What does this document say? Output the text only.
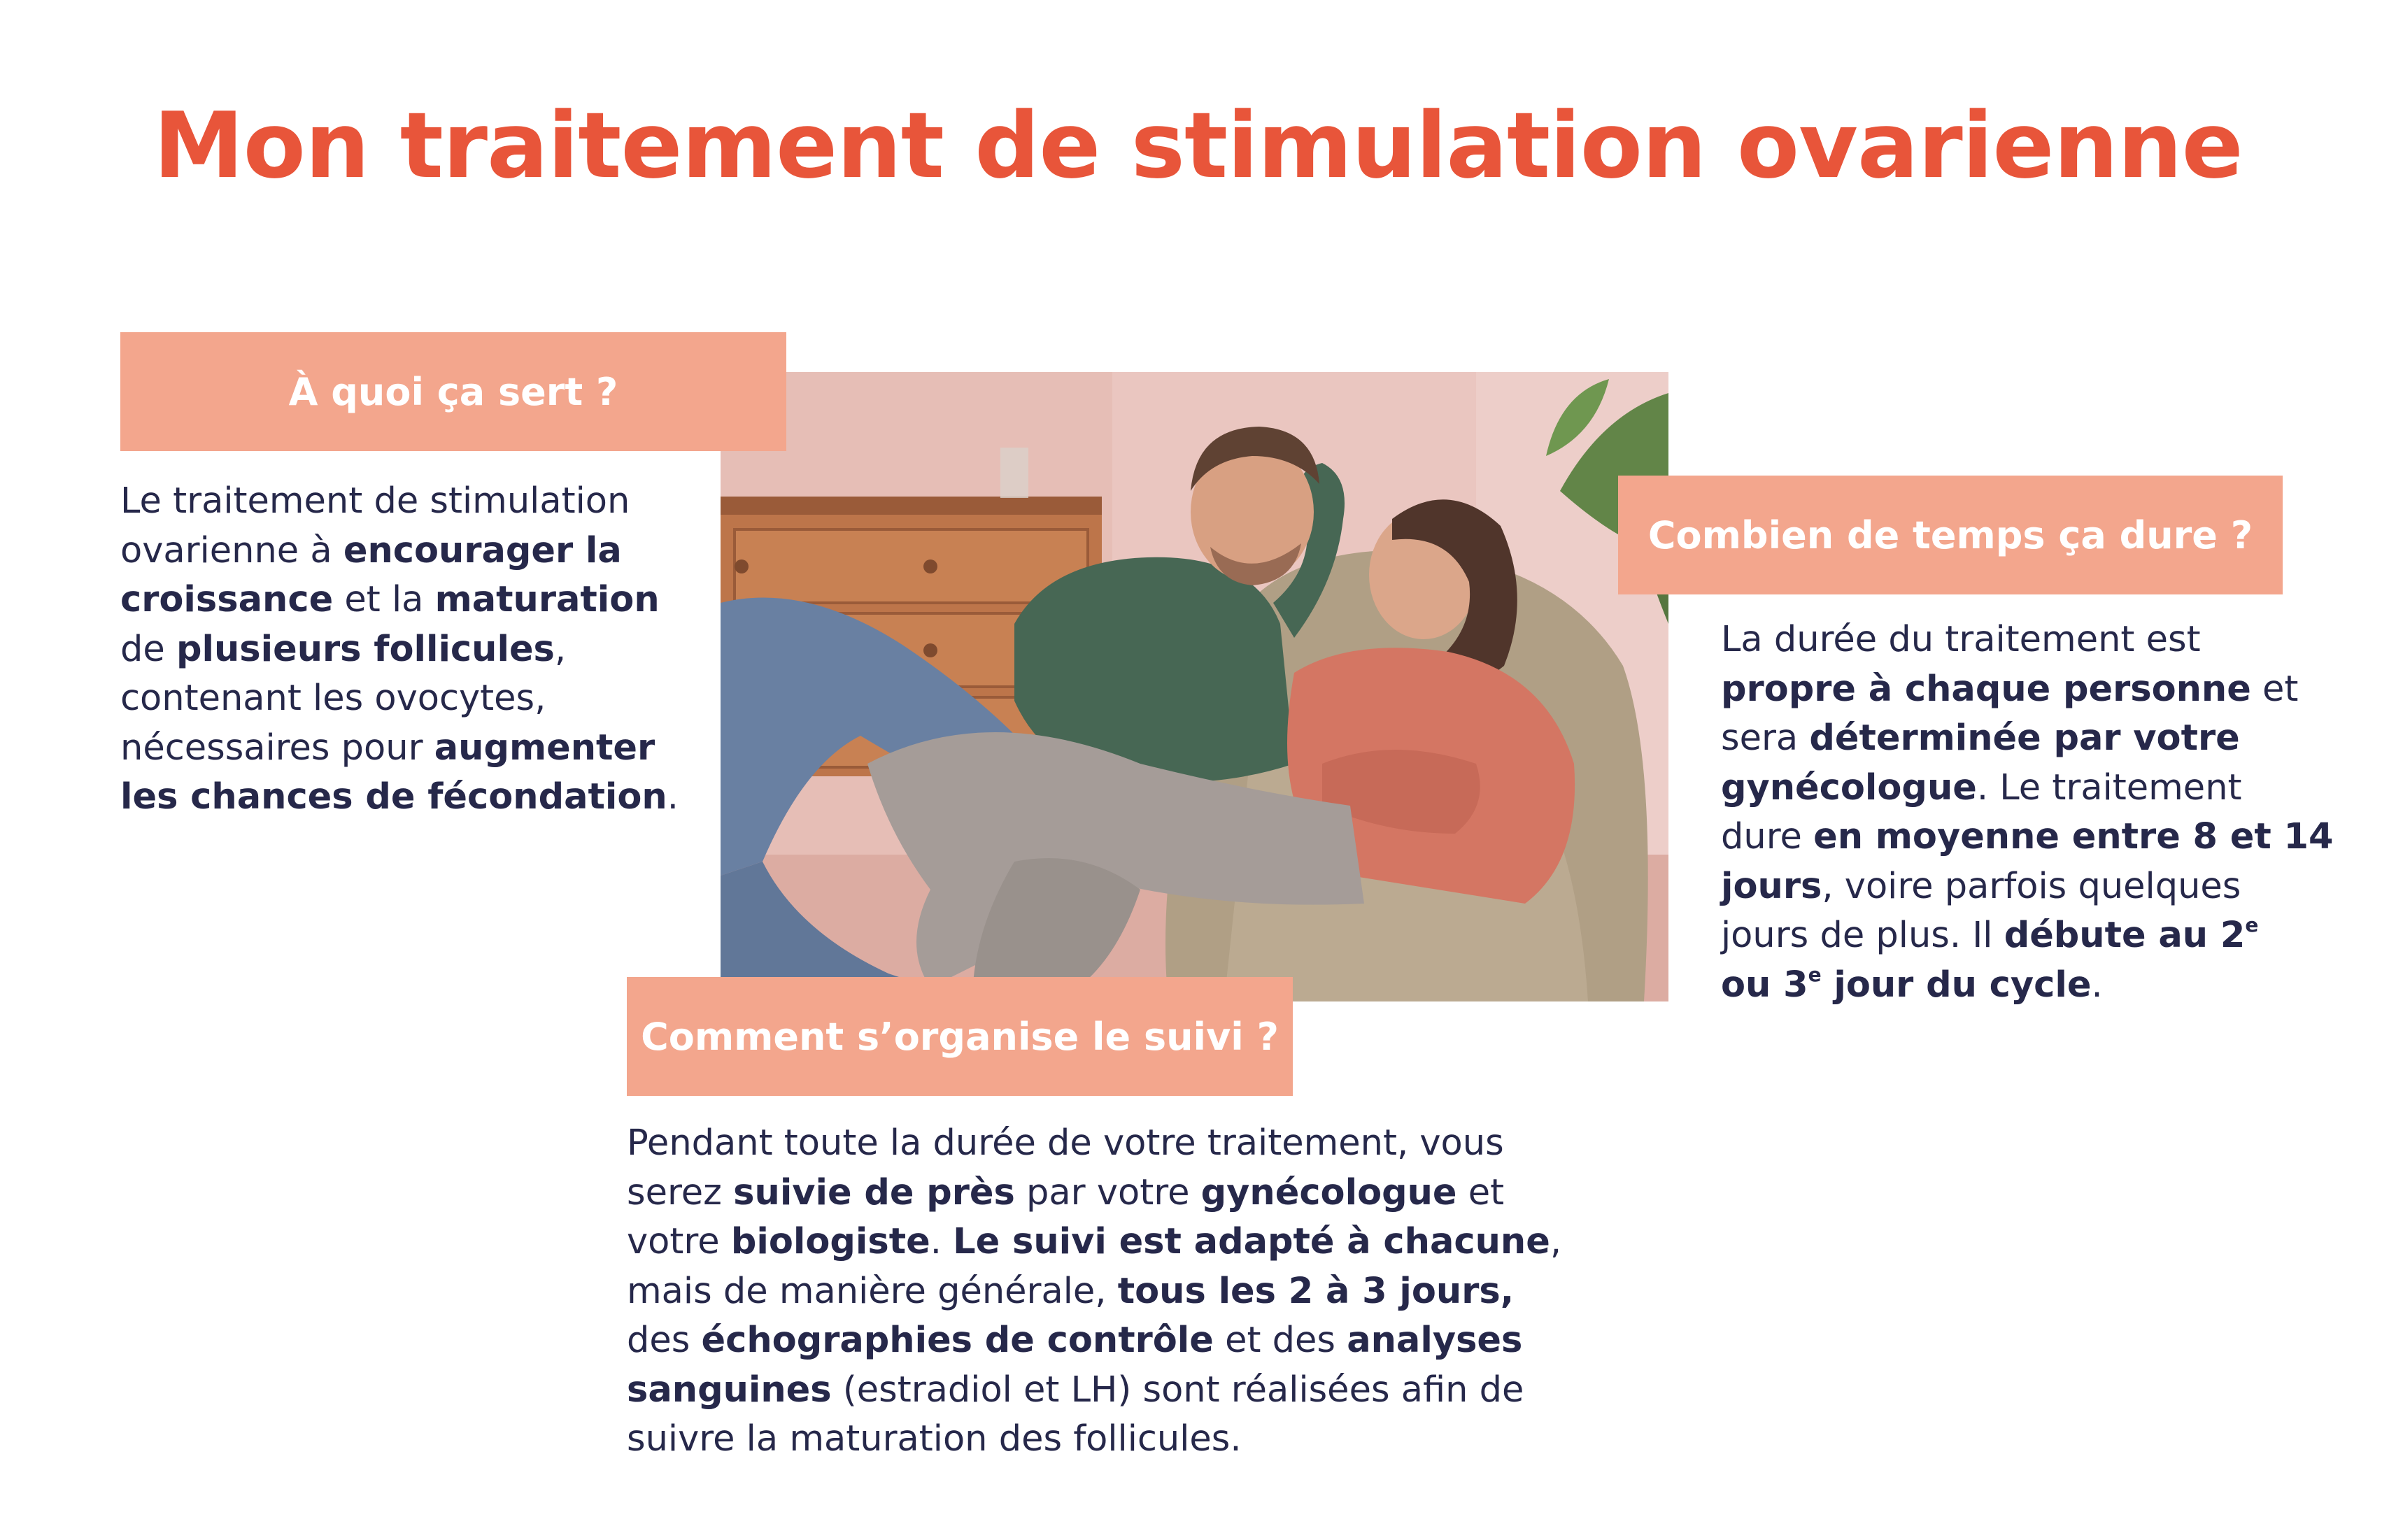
Mon traitement de stimulation ovarienne
À quoi ça sert ?
Le traitement de stimulation
ovarienne à encourager la
croissance et la maturation
de plusieurs follicules,
contenant les ovocytes,
nécessaires pour augmenter
les chances de fécondation.
Combien de temps ça dure ?
La durée du traitement est
propre à chaque personne et
sera déterminée par votre
gynécologue. Le traitement
dure en moyenne entre 8 et 14
jours, voire parfois quelques
jours de plus. Il débute au 2e
ou 3e jour du cycle.
Comment s’organise le suivi ?
Pendant toute la durée de votre traitement, vous
serez suivie de près par votre gynécologue et
votre biologiste. Le suivi est adapté à chacune,
mais de manière générale, tous les 2 à 3 jours,
des échographies de contrôle et des analyses
sanguines (estradiol et LH) sont réalisées afin de
suivre la maturation des follicules.
